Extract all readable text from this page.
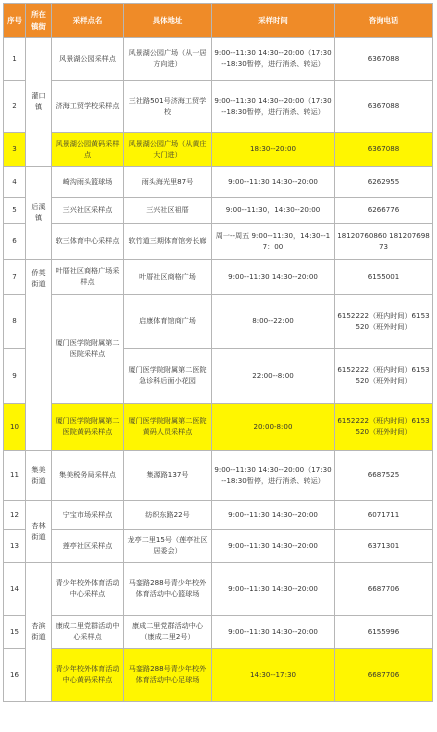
序号	所在镇街	采样点名	具体地址	采样时间	咨询电话
1	灌口镇	风景湖公园采样点	风景湖公园广场（从一居方向进）	9:00--11:30 14:30--20:00（17:30--18:30暂停，进行消杀、转运）	6367088
2		济海工贸学校采样点	三社路501号济海工贸学校	9:00--11:30 14:30--20:00（17:30--18:30暂停，进行消杀、转运）	6367088
3		风景湖公园黄码采样点	风景湖公园广场（从黄庄大门进）	18:30--20:00	6367088
4	后溪镇	崎沟雨头篮球场	雨头海光里87号	9:00--11:30 14:30--20:00	6262955
5		三兴社区采样点	三兴社区祖厝	9:00--11:30，14:30--20:00	6266776
6		软三体育中心采样点	软竹道三期体育馆旁长廊	周一--周五 9:00--11:30，14:30--17：00	18120760860 18120769873
7	侨英街道	叶厝社区商格广场采样点	叶厝社区商格广场	9:00--11:30 14:30--20:00	6155001
8		厦门医学院附属第二医院采样点	启康体育馆商广场	8:00--22:00	6152222（班内时间）6153520（班外时间）
9			厦门医学院附属第二医院急诊科后面小花园	22:00--8:00	6152222（班内时间）6153520（班外时间）
10		厦门医学院附属第二医院黄码采样点	厦门医学院附属第二医院黄码人员采样点	20:00-8:00	6152222（班内时间）6153520（班外时间）
11	集美街道	集美税务局采样点	集源路137号	9:00--11:30 14:30--20:00（17:30--18:30暂停，进行消杀、转运）	6687525
12	杏林街道	宁宝市场采样点	纺织东路22号	9:00--11:30 14:30--20:00	6071711
13		莲亭社区采样点	龙亭二里15号（莲亭社区居委会）	9:00--11:30 14:30--20:00	6371301
14	杏滨街道	青少年校外体育活动中心采样点	马銮路288号青少年校外体育活动中心篮球场	9:00--11:30 14:30--20:00	6687706
15		康成二里党群活动中心采样点	康成二里党群活动中心（康成二里2号）	9:00--11:30 14:30--20:00	6155996
16		青少年校外体育活动中心黄码采样点	马銮路288号青少年校外体育活动中心足球场	14:30--17:30	6687706
